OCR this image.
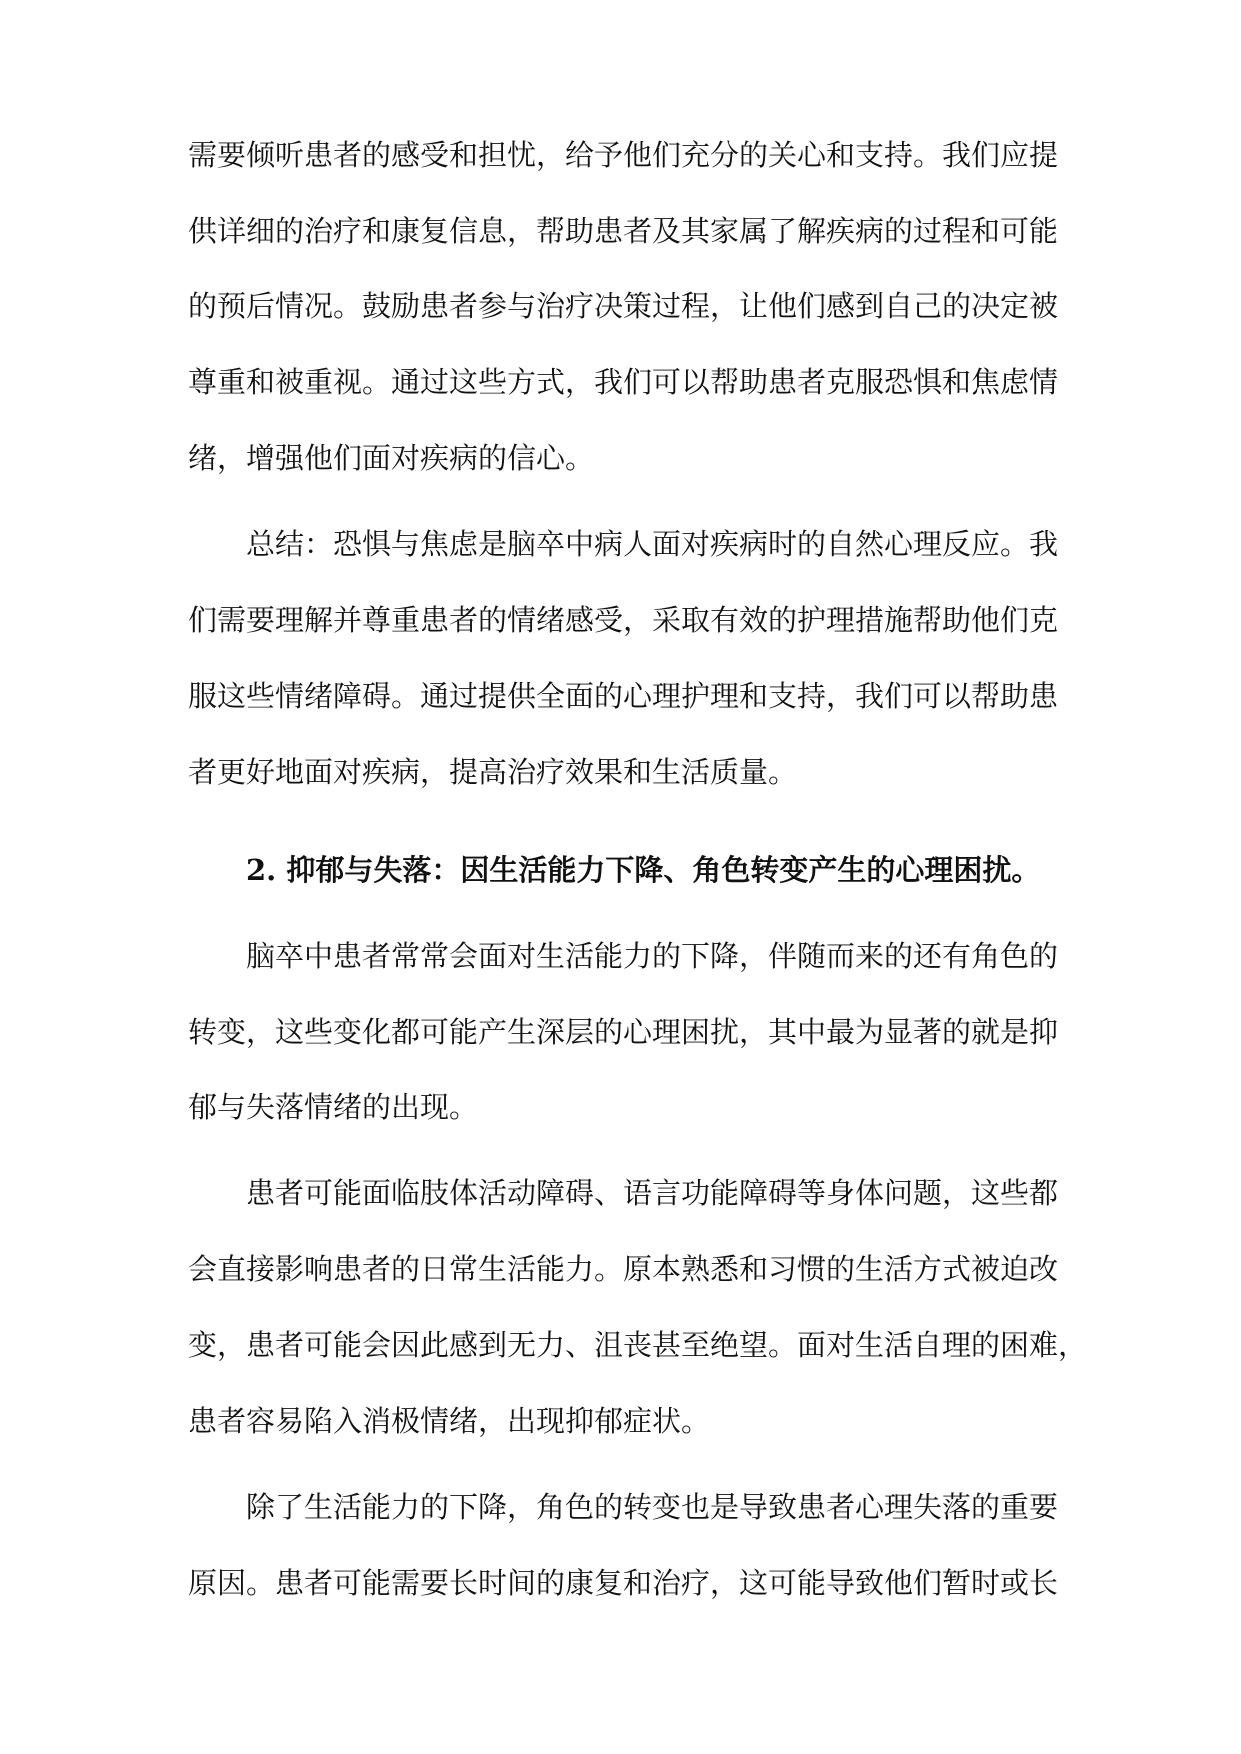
需要倾听患者的感受和担忧，给予他们充分的关心和支持。我们应提
供详细的治疗和康复信息，帮助患者及其家属了解疾病的过程和可能
的预后情况。鼓励患者参与治疗决策过程，让他们感到自己的决定被
尊重和被重视。通过这些方式，我们可以帮助患者克服恐惧和焦虑情
绪，增强他们面对疾病的信心。
总结：恐惧与焦虑是脑卒中病人面对疾病时的自然心理反应。我
们需要理解并尊重患者的情绪感受，采取有效的护理措施帮助他们克
服这些情绪障碍。通过提供全面的心理护理和支持，我们可以帮助患
者更好地面对疾病，提高治疗效果和生活质量。
2. 抑郁与失落：因生活能力下降、角色转变产生的心理困扰。
脑卒中患者常常会面对生活能力的下降，伴随而来的还有角色的
转变，这些变化都可能产生深层的心理困扰，其中最为显著的就是抑
郁与失落情绪的出现。
患者可能面临肢体活动障碍、语言功能障碍等身体问题，这些都
会直接影响患者的日常生活能力。原本熟悉和习惯的生活方式被迫改
变，患者可能会因此感到无力、沮丧甚至绝望。面对生活自理的困难，
患者容易陷入消极情绪，出现抑郁症状。
除了生活能力的下降，角色的转变也是导致患者心理失落的重要
原因。患者可能需要长时间的康复和治疗，这可能导致他们暂时或长
